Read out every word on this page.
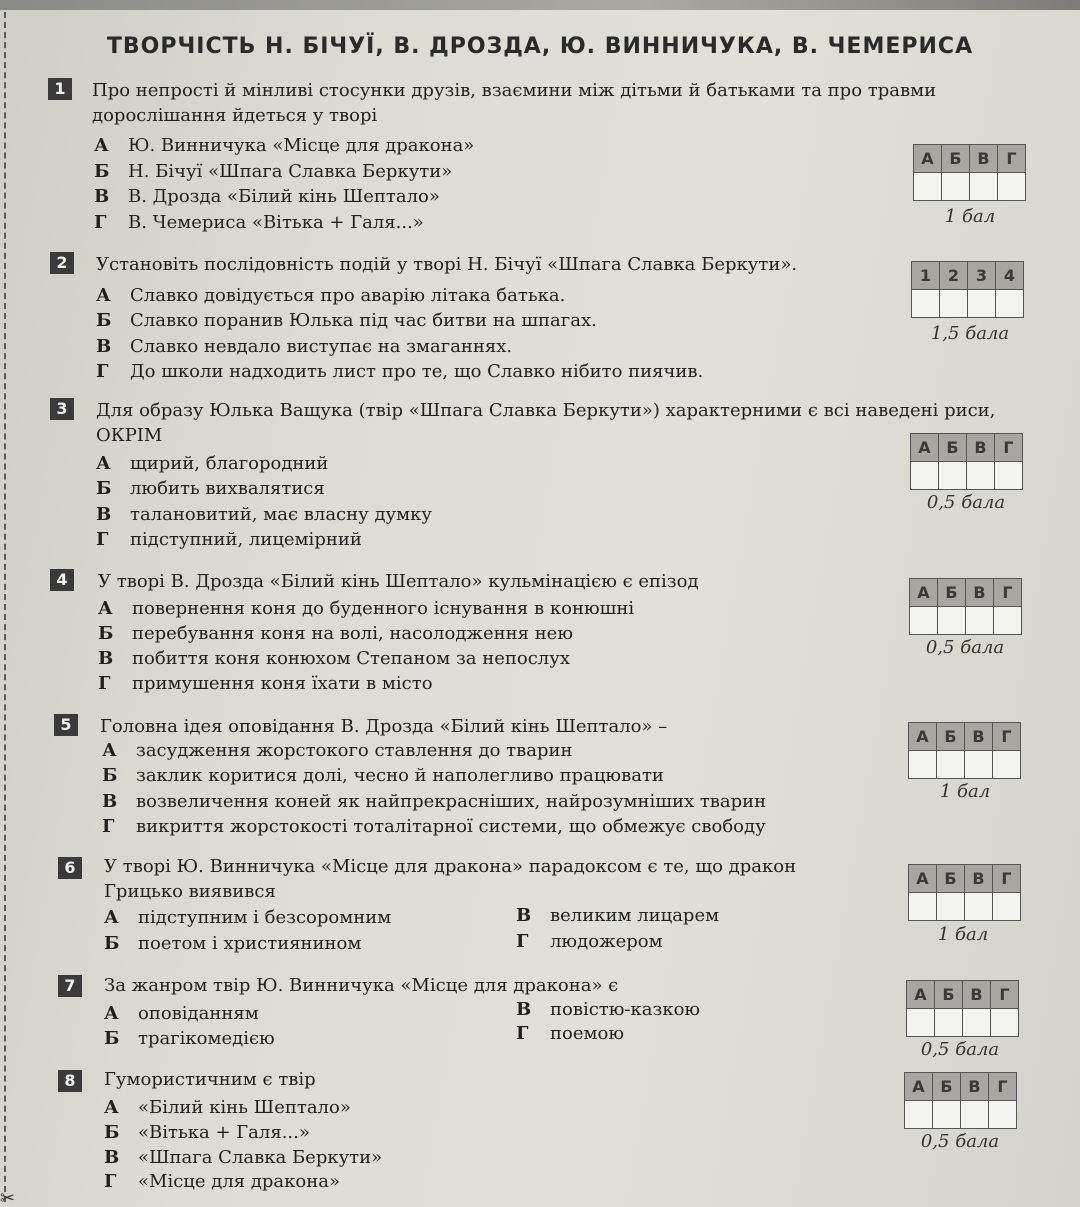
✂
ТВОРЧІСТЬ Н. БІЧУЇ, В. ДРОЗДА, Ю. ВИННИЧУКА, В. ЧЕМЕРИСА
1	Про непрості й мінливі стосунки друзів, взаємини між дітьми й батьками та про травми дорослішання йдеться у творі
А Ю. Винничука «Місце для дракона»
Б Н. Бічуї «Шпага Славка Беркути»
В В. Дрозда «Білий кінь Шептало»
Г В. Чемериса «Вітька + Галя...»
А	Б	В	Г

1 бал
2	Установіть послідовність подій у творі Н. Бічуї «Шпага Славка Беркути».
А Славко довідується про аварію літака батька.
Б Славко поранив Юлька під час битви на шпагах.
В Славко невдало виступає на змаганнях.
Г До школи надходить лист про те, що Славко нібито пиячив.
1	2	3	4

1,5 бала
3	Для образу Юлька Ващука (твір «Шпага Славка Беркути») характерними є всі наведені риси, ОКРІМ
А щирий, благородний
Б любить вихвалятися
В талановитий, має власну думку
Г підступний, лицемірний
А	Б	В	Г

0,5 бала
4	У творі В. Дрозда «Білий кінь Шептало» кульмінацією є епізод
А повернення коня до буденного існування в конюшні
Б перебування коня на волі, насолодження нею
В побиття коня конюхом Степаном за непослух
Г примушення коня їхати в місто
А	Б	В	Г

0,5 бала
5	Головна ідея оповідання В. Дрозда «Білий кінь Шептало» –
А засудження жорстокого ставлення до тварин
Б заклик коритися долі, чесно й наполегливо працювати
В возвеличення коней як найпрекрасніших, найрозумніших тварин
Г викриття жорстокості тоталітарної системи, що обмежує свободу
А	Б	В	Г

1 бал
6	У творі Ю. Винничука «Місце для дракона» парадоксом є те, що дракон Грицько виявився
А підступним і безсоромним
Б поетом і християнином
В великим лицарем
Г людожером
А	Б	В	Г

1 бал
7	За жанром твір Ю. Винничука «Місце для дракона» є
А оповіданням
Б трагікомедією
В повістю-казкою
Г поемою
А	Б	В	Г

0,5 бала
8	Гумористичним є твір
А «Білий кінь Шептало»
Б «Вітька + Галя...»
В «Шпага Славка Беркути»
Г «Місце для дракона»
А	Б	В	Г

0,5 бала
